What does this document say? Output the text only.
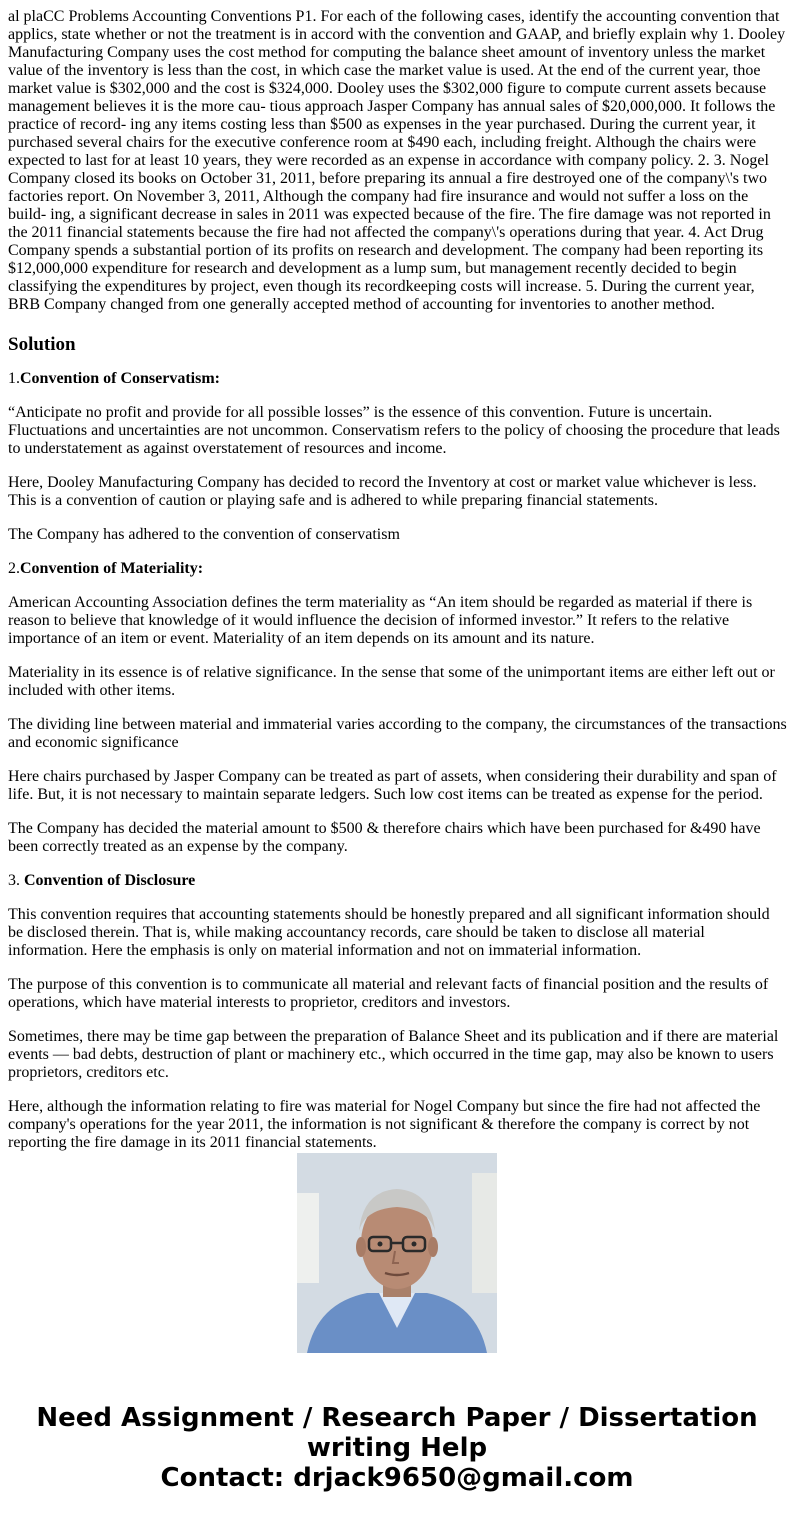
al plaCC Problems Accounting Conventions P1. For each of the following cases, identify the accounting convention that applics, state whether or not the treatment is in accord with the convention and GAAP, and briefly explain why 1. Dooley Manufacturing Company uses the cost method for computing the balance sheet amount of inventory unless the market value of the inventory is less than the cost, in which case the market value is used. At the end of the current year, thoe market value is $302,000 and the cost is $324,000. Dooley uses the $302,000 figure to compute current assets because management believes it is the more cau- tious approach Jasper Company has annual sales of $20,000,000. It follows the practice of record- ing any items costing less than $500 as expenses in the year purchased. During the current year, it purchased several chairs for the executive conference room at $490 each, including freight. Although the chairs were expected to last for at least 10 years, they were recorded as an expense in accordance with company policy. 2. 3. Nogel Company closed its books on October 31, 2011, before preparing its annual a fire destroyed one of the company\'s two factories report. On November 3, 2011, Although the company had fire insurance and would not suffer a loss on the build- ing, a significant decrease in sales in 2011 was expected because of the fire. The fire damage was not reported in the 2011 financial statements because the fire had not affected the company\'s operations during that year. 4. Act Drug Company spends a substantial portion of its profits on research and development. The company had been reporting its $12,000,000 expenditure for research and development as a lump sum, but management recently decided to begin classifying the expenditures by project, even though its recordkeeping costs will increase. 5. During the current year, BRB Company changed from one generally accepted method of accounting for inventories to another method.
Solution

1.Convention of Conservatism:

“Anticipate no profit and provide for all possible losses” is the essence of this convention. Future is uncertain. Fluctuations and uncertainties are not uncommon. Conservatism refers to the policy of choosing the procedure that leads to understatement as against overstatement of resources and income.

Here, Dooley Manufacturing Company has decided to record the Inventory at cost or market value whichever is less. This is a convention of caution or playing safe and is adhered to while preparing financial statements.

The Company has adhered to the convention of conservatism

2.Convention of Materiality:

American Accounting Association defines the term materiality as “An item should be regarded as material if there is reason to believe that knowledge of it would influence the decision of informed investor.” It refers to the relative importance of an item or event. Materiality of an item depends on its amount and its nature.

Materiality in its essence is of relative significance. In the sense that some of the unimportant items are either left out or included with other items.

The dividing line between material and immaterial varies according to the company, the circumstances of the transactions and economic significance

Here chairs purchased by Jasper Company can be treated as part of assets, when considering their durability and span of life. But, it is not necessary to maintain separate ledgers. Such low cost items can be treated as expense for the period.

The Company has decided the material amount to $500 & therefore chairs which have been purchased for &490 have been correctly treated as an expense by the company.

3. Convention of Disclosure

This convention requires that accounting statements should be honestly prepared and all significant information should be disclosed therein. That is, while making accountancy records, care should be taken to disclose all material information. Here the emphasis is only on material information and not on immaterial information.

The purpose of this convention is to communicate all material and relevant facts of financial position and the results of operations, which have material interests to proprietor, creditors and investors.

Sometimes, there may be time gap between the preparation of Balance Sheet and its publication and if there are material events — bad debts, destruction of plant or machinery etc., which occurred in the time gap, may also be known to users proprietors, creditors etc.

Here, although the information relating to fire was material for Nogel Company but since the fire had not affected the company's operations for the year 2011, the information is not significant & therefore the company is correct by not reporting the fire damage in its 2011 financial statements.

Need Assignment / Research Paper / Dissertation
writing Help
Contact: drjack9650@gmail.com
